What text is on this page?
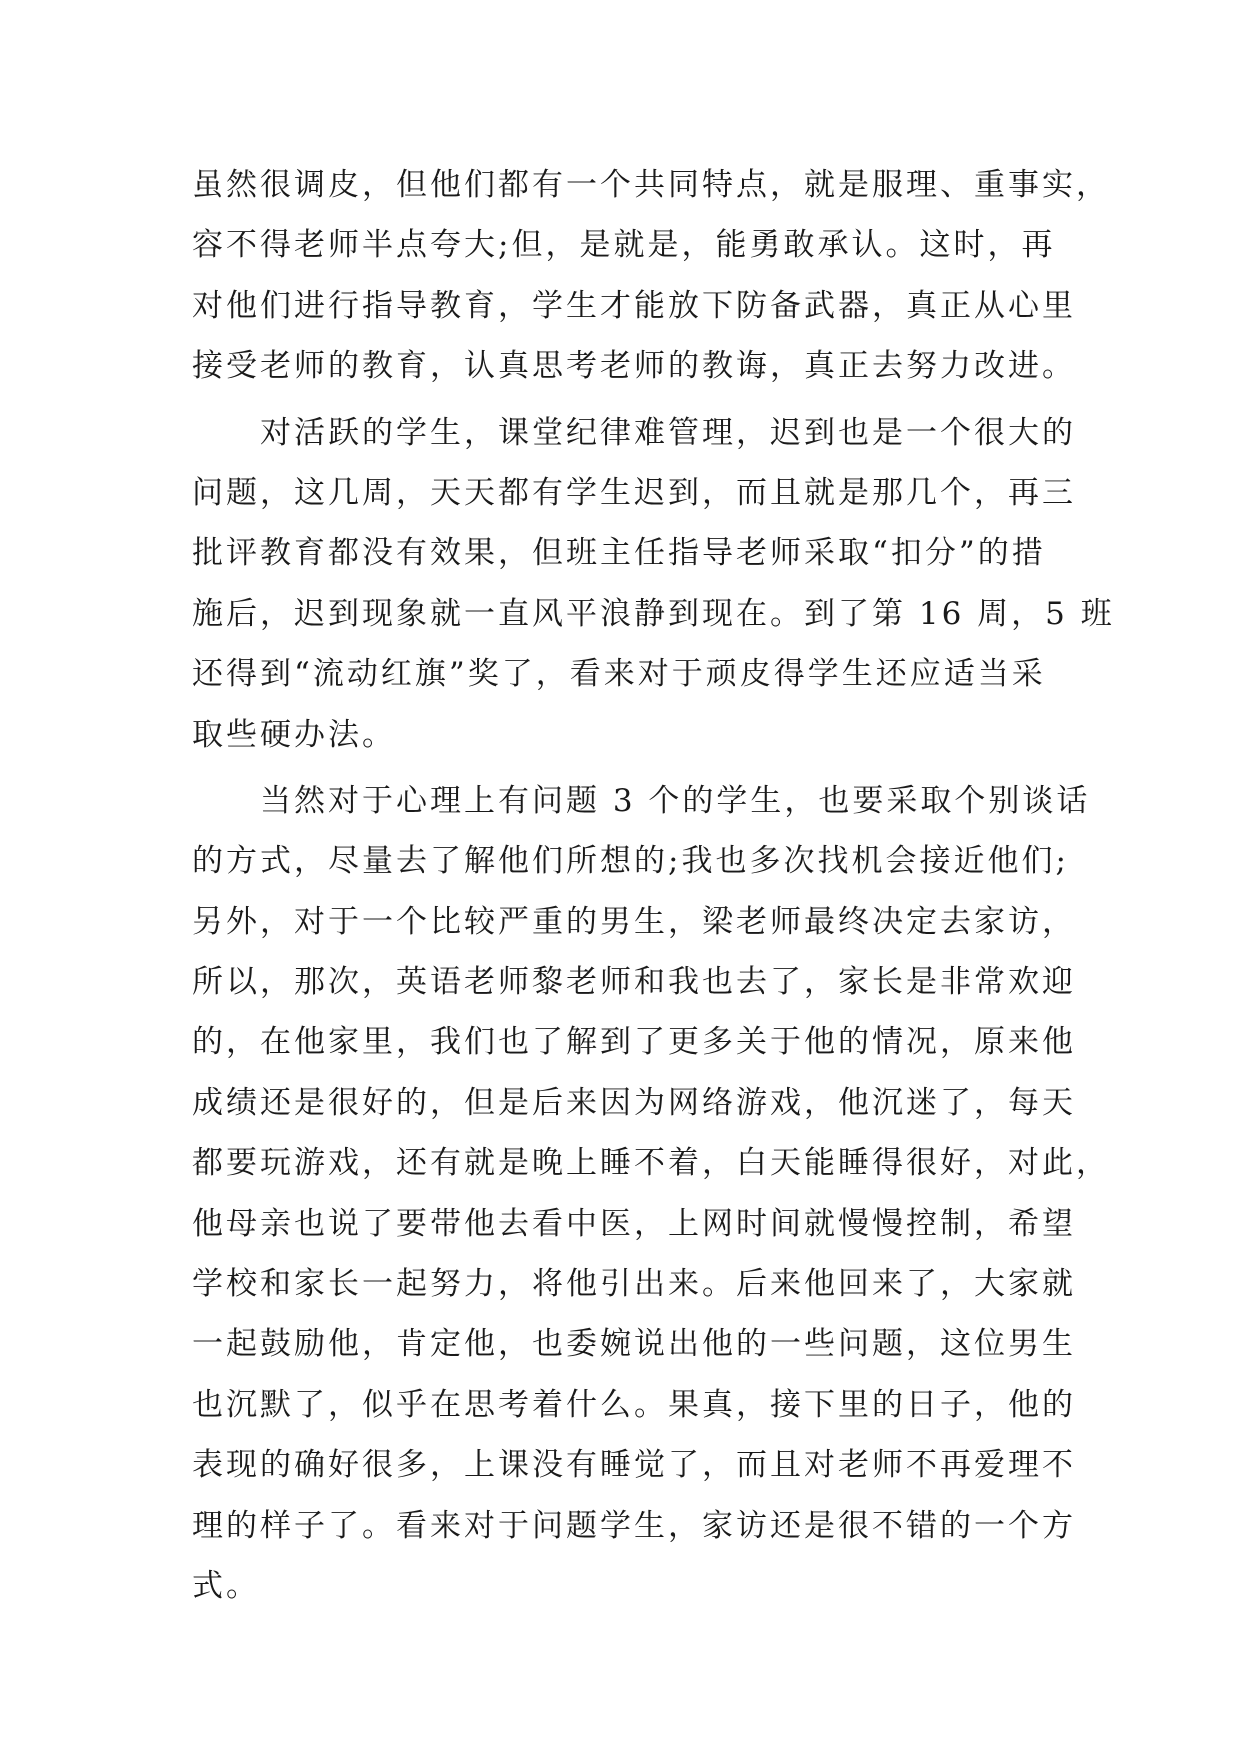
虽然很调皮，但他们都有一个共同特点，就是服理、重事实，
容不得老师半点夸大;但，是就是，能勇敢承认。这时，再
对他们进行指导教育，学生才能放下防备武器，真正从心里
接受老师的教育，认真思考老师的教诲，真正去努力改进。
　　对活跃的学生，课堂纪律难管理，迟到也是一个很大的
问题，这几周，天天都有学生迟到，而且就是那几个，再三
批评教育都没有效果，但班主任指导老师采取“扣分”的措
施后，迟到现象就一直风平浪静到现在。到了第 16 周，5 班
还得到“流动红旗”奖了，看来对于顽皮得学生还应适当采
取些硬办法。
　　当然对于心理上有问题 3 个的学生，也要采取个别谈话
的方式，尽量去了解他们所想的;我也多次找机会接近他们;
另外，对于一个比较严重的男生，梁老师最终决定去家访，
所以，那次，英语老师黎老师和我也去了，家长是非常欢迎
的，在他家里，我们也了解到了更多关于他的情况，原来他
成绩还是很好的，但是后来因为网络游戏，他沉迷了，每天
都要玩游戏，还有就是晚上睡不着，白天能睡得很好，对此，
他母亲也说了要带他去看中医，上网时间就慢慢控制，希望
学校和家长一起努力，将他引出来。后来他回来了，大家就
一起鼓励他，肯定他，也委婉说出他的一些问题，这位男生
也沉默了，似乎在思考着什么。果真，接下里的日子，他的
表现的确好很多，上课没有睡觉了，而且对老师不再爱理不
理的样子了。看来对于问题学生，家访还是很不错的一个方
式。
